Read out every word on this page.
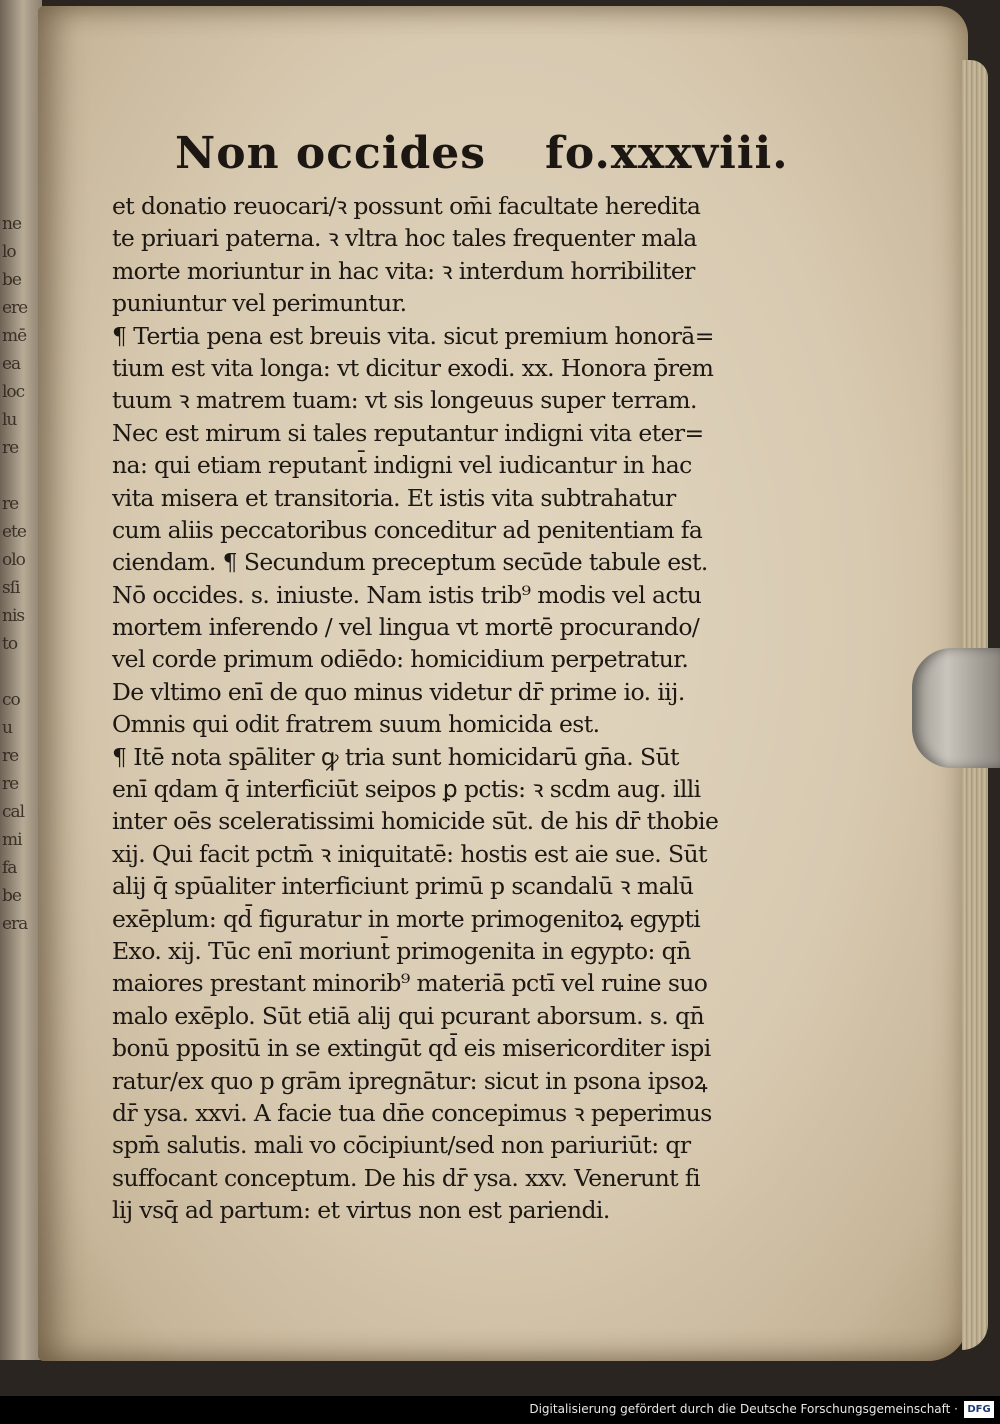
ne
lo
be
ere
mē
ea
loc
lu
re

re
ete
olo
sſi
nis
to

co
u
re
re
cal
mi
fa
be
era
Non occides fo.xxxviii.
et donatio reuocari/ꝛ possunt om̄i facultate heredita
te priuari paterna. ꝛ vltra hoc tales frequenter mala
morte moriuntur in hac vita: ꝛ interdum horribiliter
puniuntur vel perimuntur.
¶ Tertia pena est breuis vita. sicut premium honorā=
tium est vita longa: vt dicitur exodi. xx. Honora p̄rem
tuum ꝛ matrem tuam: vt sis longeuus super terram.
Nec est mirum si tales reputantur indigni vita eter=
na: qui etiam reputant̄ indigni vel iudicantur in hac
vita misera et transitoria. Et istis vita subtrahatur
cum aliis peccatoribus conceditur ad penitentiam fa
ciendam. ¶ Secundum preceptum secūde tabule est.
Nō occides. s. iniuste. Nam istis trib⁹ modis vel actu
mortem inferendo / vel lingua vt mortē procurando/
vel corde primum odiēdo: homicidium perpetratur.
De vltimo enī de quo minus videtur dr̄ prime io. iij.
Omnis qui odit fratrem suum homicida est.
¶ Itē nota spāliter ꝙ tria sunt homicidarū gn̄a. Sūt
enī qdam q̄ interficiūt seipos ꝑ pctis: ꝛ scdm aug. illi
inter oēs sceleratissimi homicide sūt. de his dr̄ thobie
xij. Qui facit pctm̄ ꝛ iniquitatē: hostis est aie sue. Sūt
alij q̄ spūaliter interficiunt primū p scandalū ꝛ malū
exēplum: qd̄ figuratur in morte primogenitoꝝ egypti
Exo. xij. Tūc enī moriunt̄ primogenita in egypto: qn̄
maiores prestant minorib⁹ materiā pctī vel ruine suo
malo exēplo. Sūt etiā alij qui pcurant aborsum. s. qn̄
bonū ppositū in se extingūt qd̄ eis misericorditer ispi
ratur/ex quo p grām ipregnātur: sicut in psona ipsoꝝ
dr̄ ysa. xxvi. A facie tua dn̄e concepimus ꝛ peperimus
spm̄ salutis. mali vo cōcipiunt/sed non pariuriūt: qr
suffocant conceptum. De his dr̄ ysa. xxv. Venerunt fi
lij vsq̄ ad partum: et virtus non est pariendi.
Digitalisierung gefördert durch die Deutsche Forschungsgemeinschaft · DFG
